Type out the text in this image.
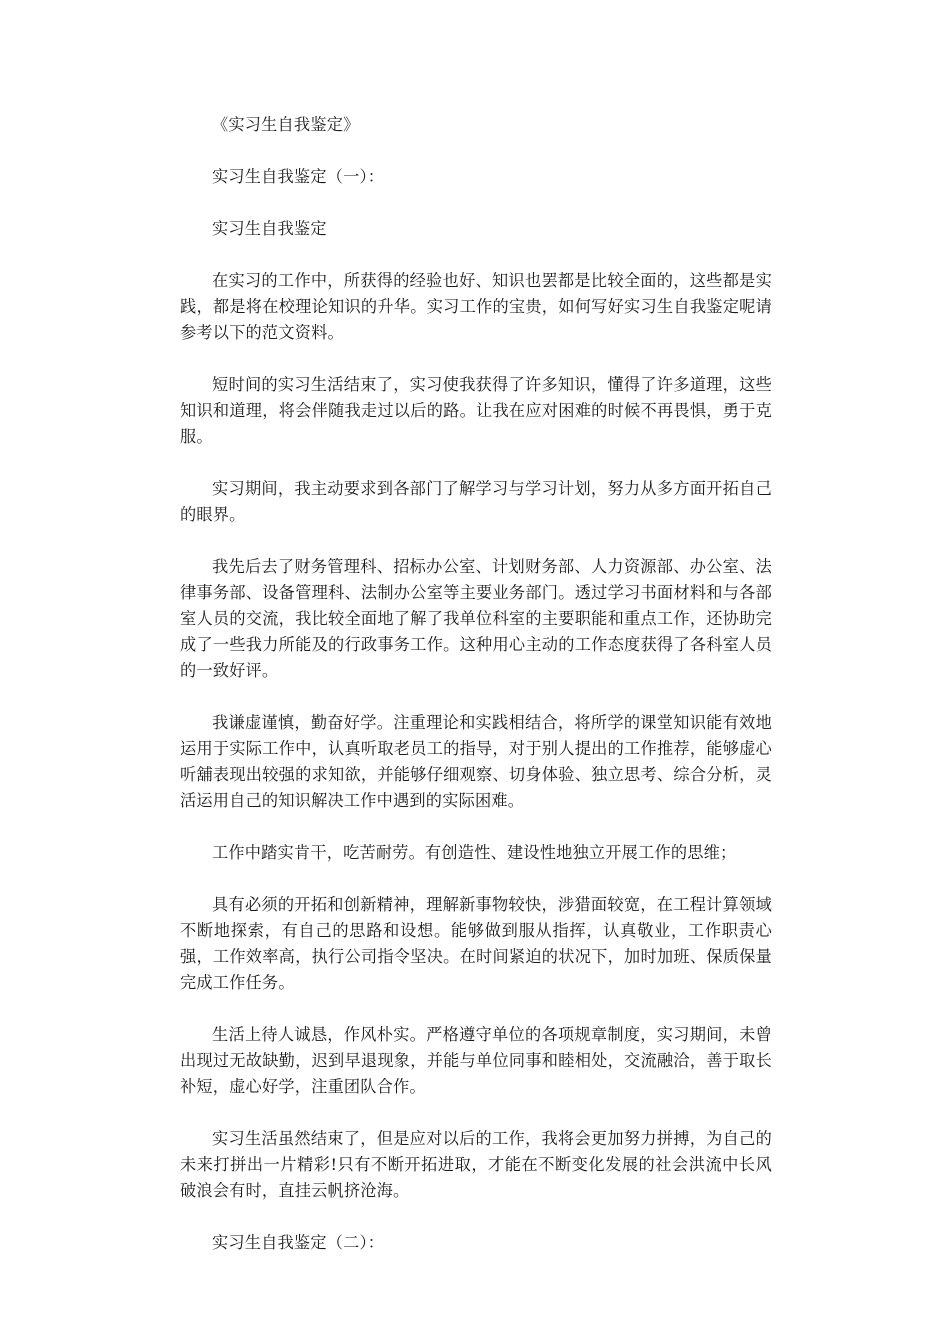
《实习生自我鉴定》

实习生自我鉴定（一）：

实习生自我鉴定

在实习的工作中，所获得的经验也好、知识也罢都是比较全面的，这些都是实践，都是将在校理论知识的升华。实习工作的宝贵，如何写好实习生自我鉴定呢请参考以下的范文资料。

短时间的实习生活结束了，实习使我获得了许多知识，懂得了许多道理，这些知识和道理，将会伴随我走过以后的路。让我在应对困难的时候不再畏惧，勇于克服。

实习期间，我主动要求到各部门了解学习与学习计划，努力从多方面开拓自己的眼界。

我先后去了财务管理科、招标办公室、计划财务部、人力资源部、办公室、法律事务部、设备管理科、法制办公室等主要业务部门。透过学习书面材料和与各部室人员的交流，我比较全面地了解了我单位科室的主要职能和重点工作，还协助完成了一些我力所能及的行政事务工作。这种用心主动的工作态度获得了各科室人员的一致好评。

我谦虚谨慎，勤奋好学。注重理论和实践相结合，将所学的课堂知识能有效地运用于实际工作中，认真听取老员工的指导，对于别人提出的工作推荐，能够虚心听舖表现出较强的求知欲，并能够仔细观察、切身体验、独立思考、综合分析，灵活运用自己的知识解决工作中遇到的实际困难。

工作中踏实肯干，吃苦耐劳。有创造性、建设性地独立开展工作的思维；

具有必须的开拓和创新精神，理解新事物较快，涉猎面较宽，在工程计算领域不断地探索，有自己的思路和设想。能够做到服从指挥，认真敬业，工作职责心强，工作效率高，执行公司指令坚决。在时间紧迫的状况下，加时加班、保质保量完成工作任务。

生活上待人诚恳，作风朴实。严格遵守单位的各项规章制度，实习期间，未曾出现过无故缺勤，迟到早退现象，并能与单位同事和睦相处，交流融洽，善于取长补短，虚心好学，注重团队合作。

实习生活虽然结束了，但是应对以后的工作，我将会更加努力拼搏，为自己的未来打拼出一片精彩!只有不断开拓进取，才能在不断变化发展的社会洪流中长风破浪会有时，直挂云帆挤沧海。

实习生自我鉴定（二）：
